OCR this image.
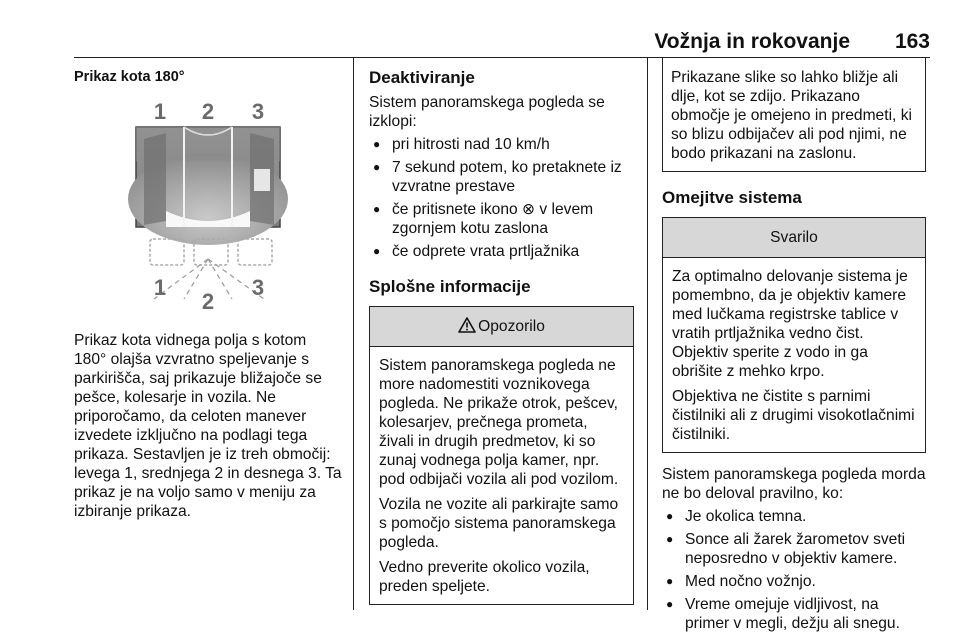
Vožnja in rokovanje 163
Prikaz kota 180°
1 2 3
1
2
3

Prikaz kota vidnega polja s kotom 180° olajša vzvratno speljevanje s parkirišča, saj prikazuje bližajoče se pešce, kolesarje in vozila. Ne priporočamo, da celoten manever izvedete izključno na podlagi tega prikaza. Sestavljen je iz treh območij: levega 1, srednjega 2 in desnega 3. Ta prikaz je na voljo samo v meniju za izbiranje prikaza.

Deaktiviranje

Sistem panoramskega pogleda se izklopi:

● pri hitrosti nad 10 km/h
● 7 sekund potem, ko pretaknete iz vzvratne prestave
● če pritisnete ikono ⊗ v levem zgornjem kotu zaslona
● če odprete vrata prtljažnika
Splošne informacije
Opozorilo

Sistem panoramskega pogleda ne more nadomestiti voznikovega pogleda. Ne prikaže otrok, pešcev, kolesarjev, prečnega prometa, živali in drugih predmetov, ki so zunaj vodnega polja kamer, npr. pod odbijači vozila ali pod vozilom.

Vozila ne vozite ali parkirajte samo s pomočjo sistema panoramskega pogleda.

Vedno preverite okolico vozila, preden speljete.

Prikazane slike so lahko bližje ali dlje, kot se zdijo. Prikazano območje je omejeno in predmeti, ki so blizu odbijačev ali pod njimi, ne bodo prikazani na zaslonu.

Omejitve sistema
Svarilo

Za optimalno delovanje sistema je pomembno, da je objektiv kamere med lučkama registrske tablice v vratih prtljažnika vedno čist. Objektiv sperite z vodo in ga obrišite z mehko krpo.

Objektiva ne čistite s parnimi čistilniki ali z drugimi visokotlačnimi čistilniki.

Sistem panoramskega pogleda morda ne bo deloval pravilno, ko:

● Je okolica temna.
● Sonce ali žarek žarometov sveti neposredno v objektiv kamere.
● Med nočno vožnjo.
● Vreme omejuje vidljivost, na primer v megli, dežju ali snegu.
